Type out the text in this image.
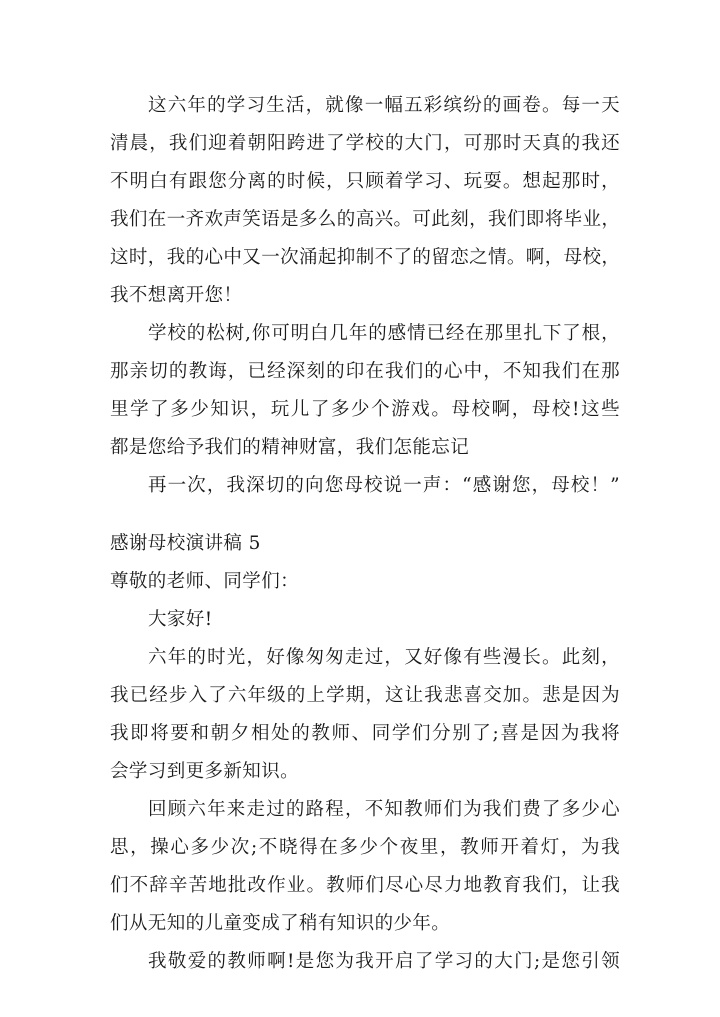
这六年的学习生活，就像一幅五彩缤纷的画卷。每一天
清晨，我们迎着朝阳跨进了学校的大门，可那时天真的我还
不明白有跟您分离的时候，只顾着学习、玩耍。想起那时，
我们在一齐欢声笑语是多么的高兴。可此刻，我们即将毕业，
这时，我的心中又一次涌起抑制不了的留恋之情。啊，母校，
我不想离开您！
学校的松树,你可明白几年的感情已经在那里扎下了根，
那亲切的教诲，已经深刻的印在我们的心中，不知我们在那
里学了多少知识，玩儿了多少个游戏。母校啊，母校!这些
都是您给予我们的精神财富，我们怎能忘记
再一次，我深切的向您母校说一声：“感谢您，母校！”
感谢母校演讲稿 5
尊敬的老师、同学们：
大家好!
六年的时光，好像匆匆走过，又好像有些漫长。此刻，
我已经步入了六年级的上学期，这让我悲喜交加。悲是因为
我即将要和朝夕相处的教师、同学们分别了;喜是因为我将
会学习到更多新知识。
回顾六年来走过的路程，不知教师们为我们费了多少心
思，操心多少次;不晓得在多少个夜里，教师开着灯，为我
们不辞辛苦地批改作业。教师们尽心尽力地教育我们，让我
们从无知的儿童变成了稍有知识的少年。
我敬爱的教师啊!是您为我开启了学习的大门;是您引领
